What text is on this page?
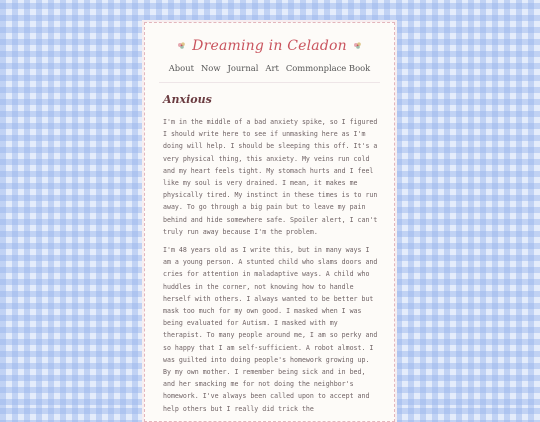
Dreaming in Celadon
About Now Journal Art Commonplace Book
Anxious

I'm in the middle of a bad anxiety spike, so I figured I should write here to see if unmasking here as I'm doing will help. I should be sleeping this off. It's a very physical thing, this anxiety. My veins run cold and my heart feels tight. My stomach hurts and I feel like my soul is very drained. I mean, it makes me physically tired. My instinct in these times is to run away. To go through a big pain but to leave my pain behind and hide somewhere safe. Spoiler alert, I can't truly run away because I'm the problem.

I'm 48 years old as I write this, but in many ways I am a young person. A stunted child who slams doors and cries for attention in maladaptive ways. A child who huddles in the corner, not knowing how to handle herself with others. I always wanted to be better but mask too much for my own good. I masked when I was being evaluated for Autism. I masked with my therapist. To many people around me, I am so perky and so happy that I am self-sufficient. A robot almost. I was guilted into doing people's homework growing up. By my own mother. I remember being sick and in bed, and her smacking me for not doing the neighbor's homework. I've always been called upon to accept and help others but I really did trick the
